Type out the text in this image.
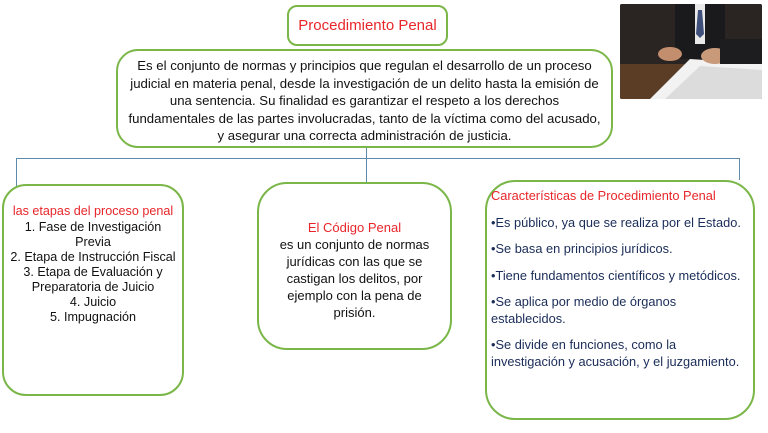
Procedimiento Penal
Es el conjunto de normas y principios que regulan el desarrollo de un proceso judicial en materia penal, desde la investigación de un delito hasta la emisión de una sentencia. Su finalidad es garantizar el respeto a los derechos fundamentales de las partes involucradas, tanto de la víctima como del acusado, y asegurar una correcta administración de justicia.
las etapas del proceso penal
1. Fase de Investigación Previa
2. Etapa de Instrucción Fiscal
3. Etapa de Evaluación y Preparatoria de Juicio
4. Juicio
5. Impugnación
El Código Penal
es un conjunto de normas jurídicas con las que se castigan los delitos, por ejemplo con la pena de prisión.
Características de Procedimiento Penal
•Es público, ya que se realiza por el Estado.
•Se basa en principios jurídicos.
•Tiene fundamentos científicos y metódicos.
•Se aplica por medio de órganos establecidos.
•Se divide en funciones, como la investigación y acusación, y el juzgamiento.
